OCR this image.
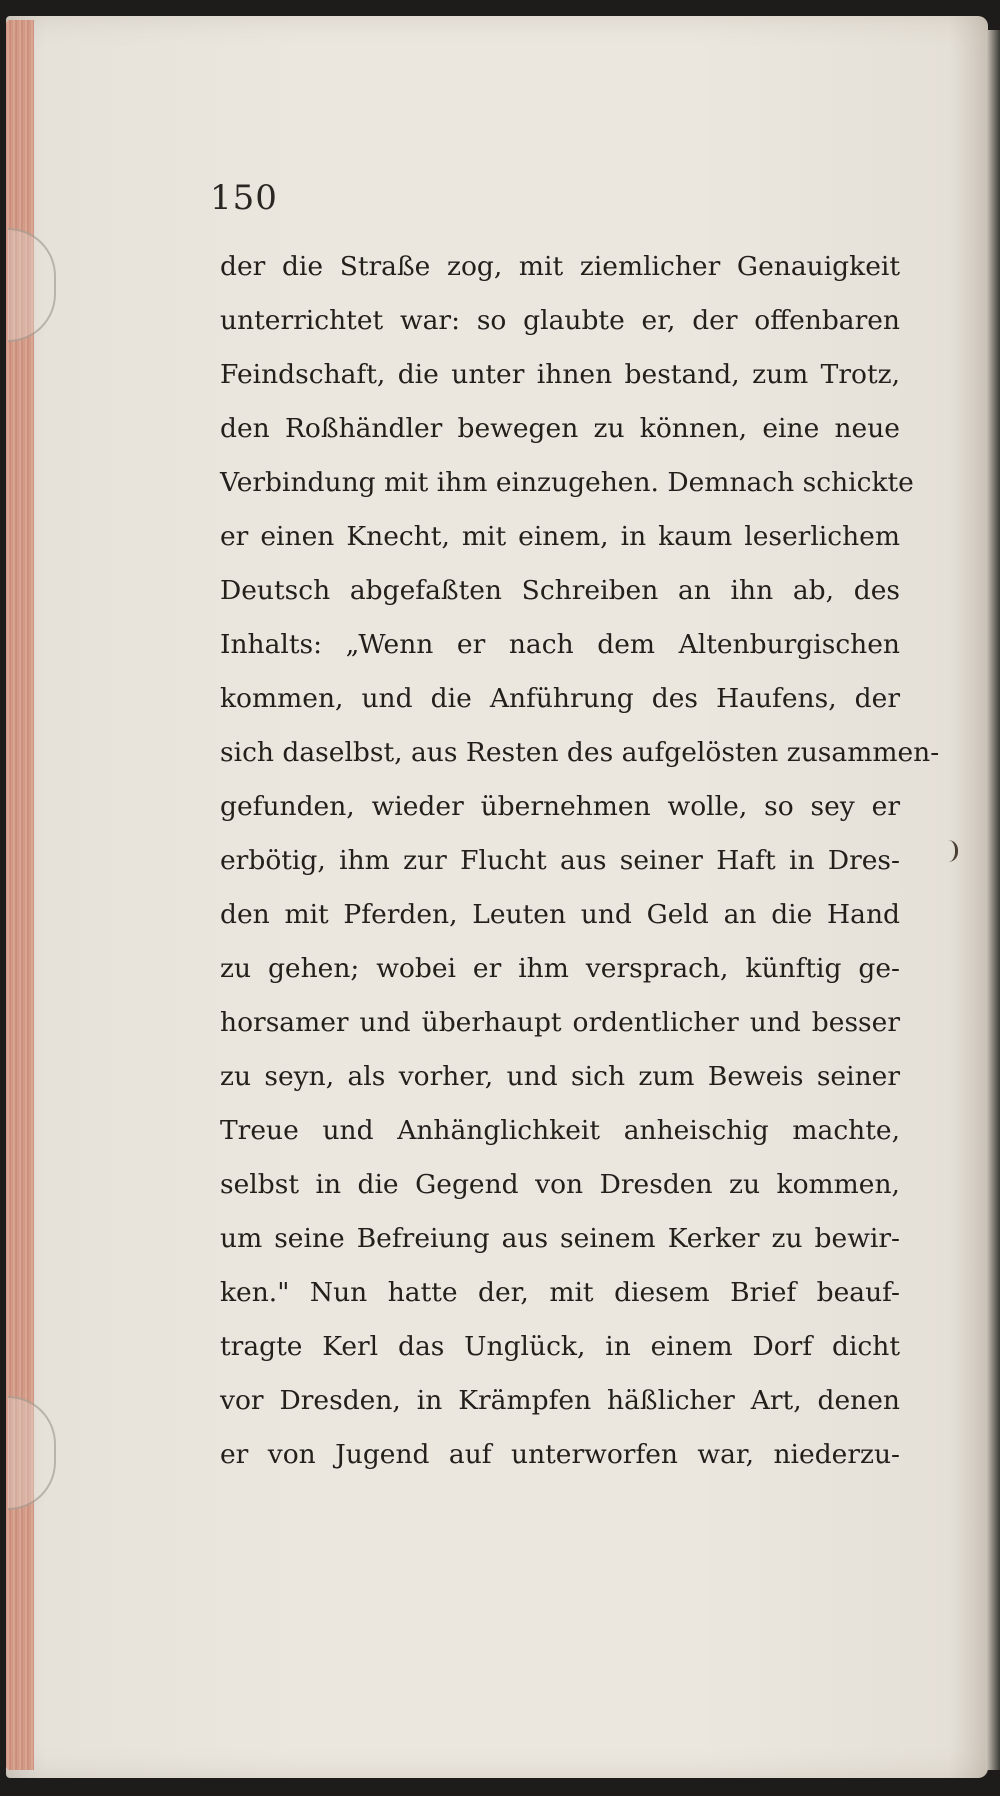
150
der die Straße zog, mit ziemlicher Genauigkeit
unterrichtet war: so glaubte er, der offenbaren
Feindschaft, die unter ihnen bestand, zum Trotz,
den Roßhändler bewegen zu können, eine neue
Verbindung mit ihm einzugehen. Demnach schickte
er einen Knecht, mit einem, in kaum leserlichem
Deutsch abgefaßten Schreiben an ihn ab, des
Inhalts: „Wenn er nach dem Altenburgischen
kommen, und die Anführung des Haufens, der
sich daselbst, aus Resten des aufgelösten zusammen-
gefunden, wieder übernehmen wolle, so sey er
erbötig, ihm zur Flucht aus seiner Haft in Dres-
den mit Pferden, Leuten und Geld an die Hand
zu gehen; wobei er ihm versprach, künftig ge-
horsamer und überhaupt ordentlicher und besser
zu seyn, als vorher, und sich zum Beweis seiner
Treue und Anhänglichkeit anheischig machte,
selbst in die Gegend von Dresden zu kommen,
um seine Befreiung aus seinem Kerker zu bewir-
ken." Nun hatte der, mit diesem Brief beauf-
tragte Kerl das Unglück, in einem Dorf dicht
vor Dresden, in Krämpfen häßlicher Art, denen
er von Jugend auf unterworfen war, niederzu-
